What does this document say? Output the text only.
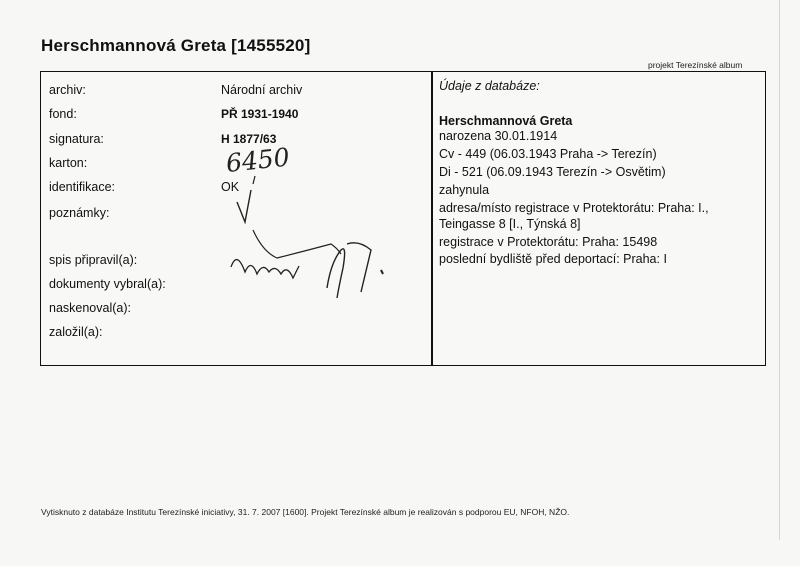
Herschmannová Greta [1455520]
projekt Terezínské album
archiv:
fond:
signatura:
karton:
identifikace:
poznámky:
spis připravil(a):
dokumenty vybral(a):
naskenoval(a):
založil(a):
Národní archiv
PŘ 1931-1940
H 1877/63
OK
6450
Údaje z databáze:
Herschmannová Greta
narozena 30.01.1914
Cv - 449 (06.03.1943 Praha -> Terezín)
Di - 521 (06.09.1943 Terezín -> Osvětim)
zahynula
adresa/místo registrace v Protektorátu: Praha: I.,
Teingasse 8 [I., Týnská 8]
registrace v Protektorátu: Praha: 15498
poslední bydliště před deportací: Praha: I
Vytisknuto z databáze Institutu Terezínské iniciativy, 31. 7. 2007 [1600]. Projekt Terezínské album je realizován s podporou EU, NFOH, NŽO.
